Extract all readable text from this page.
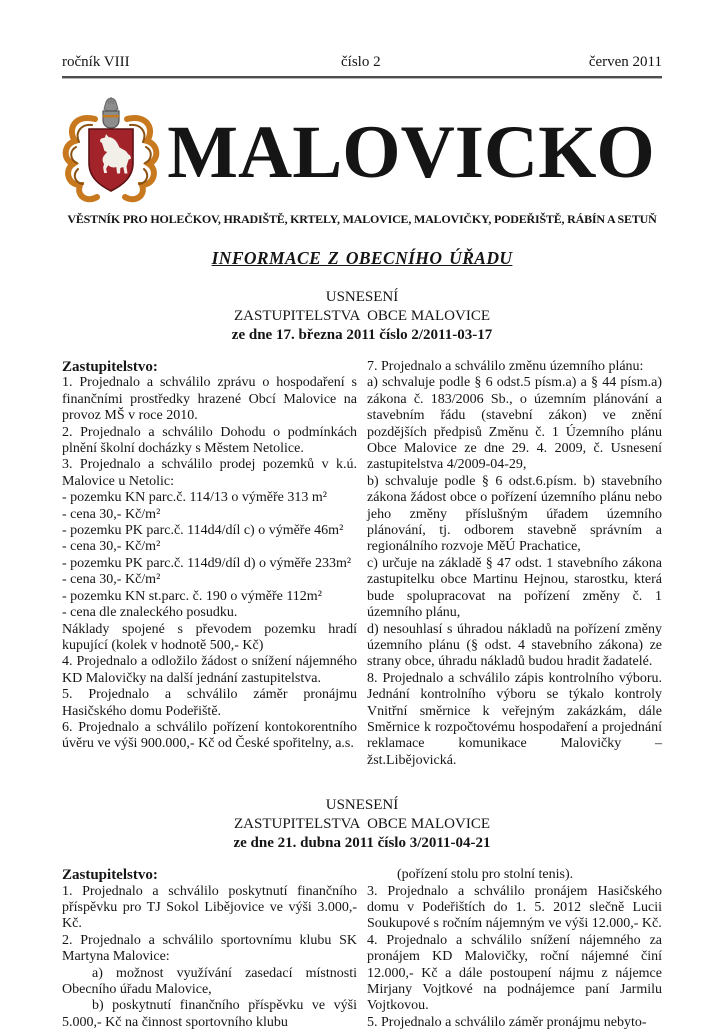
ročník VIII	číslo 2	červen 2011
MALOVICKO
VĚSTNÍK PRO HOLEČKOV, HRADIŠTĚ, KRTELY, MALOVICE, MALOVIČKY, PODEŘIŠTĚ, RÁBÍN A SETUŇ
INFORMACE Z OBECNÍHO ÚŘADU
USNESENÍ
ZASTUPITELSTVA  OBCE MALOVICE
ze dne 17. března 2011 číslo 2/2011-03-17

Zastupitelstvo:

1. Projednalo a schválilo zprávu o hospodaření s finančními prostředky hrazené Obcí Malovice na provoz MŠ v roce 2010.

2. Projednalo a schválilo Dohodu o podmínkách plnění školní docházky s Městem Netolice.

3. Projednalo a schválilo prodej pozemků v k.ú. Malovice u Netolic:

- pozemku KN parc.č. 114/13 o výměře 313 m²

- cena 30,- Kč/m²

- pozemku PK parc.č. 114d4/díl c) o výměře 46m²

- cena 30,- Kč/m²

- pozemku PK parc.č. 114d9/díl d) o výměře 233m²

- cena 30,- Kč/m²

- pozemku KN st.parc. č. 190 o výměře 112m²

- cena dle znaleckého posudku.

Náklady spojené s převodem pozemku hradí kupující (kolek v hodnotě 500,- Kč)

4. Projednalo a odložilo žádost o snížení nájemného KD Malovičky na další jednání zastupitelstva.

5. Projednalo a schválilo záměr pronájmu Hasičského domu Podeřiště.

6. Projednalo a schválilo pořízení kontokorentního úvěru ve výši 900.000,- Kč od České spořitelny, a.s.

7. Projednalo a schválilo změnu územního plánu:

a) schvaluje podle § 6 odst.5 písm.a) a § 44 písm.a) zákona č. 183/2006 Sb., o územním plánování a stavebním řádu (stavební zákon) ve znění pozdějších předpisů Změnu č. 1 Územního plánu Obce Malovice ze dne 29. 4. 2009, č. Usnesení zastupitelstva 4/2009-04-29,

b) schvaluje podle § 6 odst.6.písm. b) stavebního zákona žádost obce o pořízení územního plánu nebo jeho změny příslušným úřadem územního plánování, tj. odborem stavebně správním a regionálního rozvoje MěÚ Prachatice,

c) určuje na základě § 47 odst. 1 stavebního zákona zastupitelku obce Martinu Hejnou, starostku, která bude spolupracovat na pořízení změny č. 1 územního plánu,

d) nesouhlasí s úhradou nákladů na pořízení změny územního plánu (§ odst. 4 stavebního zákona) ze strany obce, úhradu nákladů budou hradit žadatelé.

8. Projednalo a schválilo zápis kontrolního výboru. Jednání kontrolního výboru se týkalo kontroly Vnitřní směrnice k veřejným zakázkám, dále Směrnice k rozpočtovému hospodaření a projednání reklamace komunikace Malovičky – žst.Libějovická.

USNESENÍ
ZASTUPITELSTVA  OBCE MALOVICE
ze dne 21. dubna 2011 číslo 3/2011-04-21

Zastupitelstvo:

1. Projednalo a schválilo poskytnutí finančního příspěvku pro TJ Sokol Libějovice ve výši 3.000,- Kč.

2. Projednalo a schválilo sportovnímu klubu SK Martyna Malovice:

a) možnost využívání zasedací místnosti Obecního úřadu Malovice,

b) poskytnutí finančního příspěvku ve výši 5.000,- Kč na činnost sportovního klubu

(pořízení stolu pro stolní tenis).

3. Projednalo a schválilo pronájem Hasičského domu v Podeřištích do 1. 5. 2012 slečně Lucii Soukupové s ročním nájemným ve výši 12.000,- Kč.

4. Projednalo a schválilo snížení nájemného za pronájem KD Malovičky, roční nájemné činí 12.000,- Kč a dále postoupení nájmu z nájemce Mirjany Vojtkové na podnájemce paní Jarmilu Vojtkovou.

5. Projednalo a schválilo záměr pronájmu nebyto-
